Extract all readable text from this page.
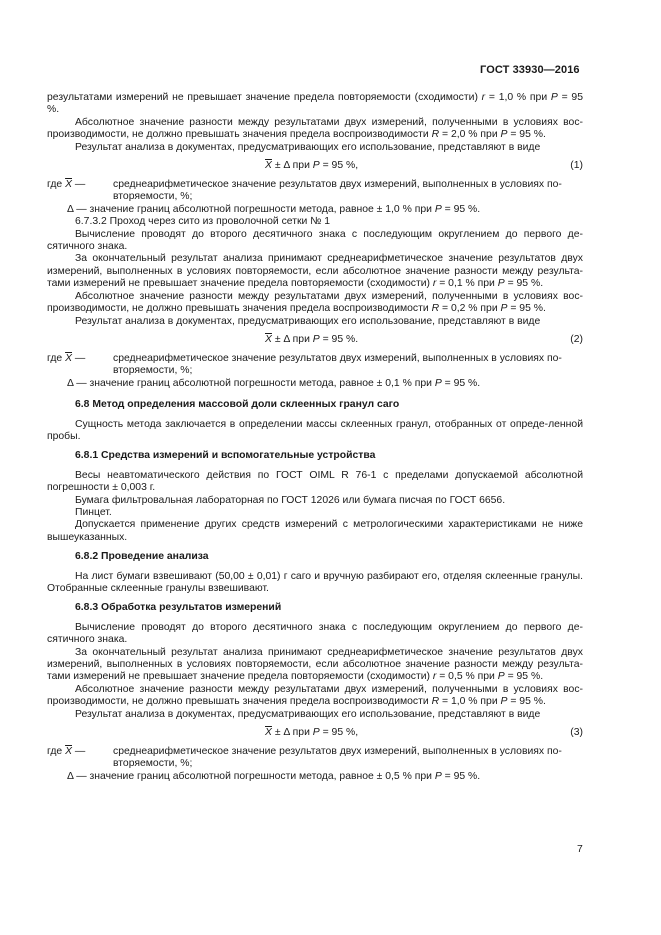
ГОСТ 33930—2016

результатами измерений не превышает значение предела повторяемости (сходимости) r = 1,0 % при P = 95 %.

Абсолютное значение разности между результатами двух измерений, полученными в условиях вос-производимости, не должно превышать значения предела воспроизводимости R = 2,0 % при P = 95 %.

Результат анализа в документах, предусматривающих его использование, представляют в виде

$\overline{X} \pm \Delta$ при P = 95 %,	(1)
где $\overline{X}$ —	среднеарифметическое значение результатов двух измерений, выполненных в условиях по-
вторяемости, %;
Δ — значение границ абсолютной погрешности метода, равное ± 1,0 % при P = 95 %.

6.7.3.2 Проход через сито из проволочной сетки № 1

Вычисление проводят до второго десятичного знака с последующим округлением до первого де-сятичного знака.

За окончательный результат анализа принимают среднеарифметическое значение результатов двух измерений, выполненных в условиях повторяемости, если абсолютное значение разности между результа-тами измерений не превышает значение предела повторяемости (сходимости) r = 0,1 % при P = 95 %.

Абсолютное значение разности между результатами двух измерений, полученными в условиях вос-производимости, не должно превышать значения предела воспроизводимости R = 0,2 % при P = 95 %.

Результат анализа в документах, предусматривающих его использование, представляют в виде

$\overline{X} \pm \Delta$ при P = 95 %.	(2)
где $\overline{X}$ —	среднеарифметическое значение результатов двух измерений, выполненных в условиях по-
вторяемости, %;
Δ — значение границ абсолютной погрешности метода, равное ± 0,1 % при P = 95 %.

6.8 Метод определения массовой доли склеенных гранул саго

Сущность метода заключается в определении массы склеенных гранул, отобранных от опреде-ленной пробы.

6.8.1 Средства измерений и вспомогательные устройства

Весы неавтоматического действия по ГОСТ OIML R 76-1 с пределами допускаемой абсолютной погрешности ± 0,003 г.

Бумага фильтровальная лабораторная по ГОСТ 12026 или бумага писчая по ГОСТ 6656.

Пинцет.

Допускается применение других средств измерений с метрологическими характеристиками не ниже вышеуказанных.

6.8.2 Проведение анализа

На лист бумаги взвешивают (50,00 ± 0,01) г саго и вручную разбирают его, отделяя склеенные гранулы. Отобранные склеенные гранулы взвешивают.

6.8.3 Обработка результатов измерений

Вычисление проводят до второго десятичного знака с последующим округлением до первого де-сятичного знака.

За окончательный результат анализа принимают среднеарифметическое значение результатов двух измерений, выполненных в условиях повторяемости, если абсолютное значение разности между результа-тами измерений не превышает значение предела повторяемости (сходимости) r = 0,5 % при P = 95 %.

Абсолютное значение разности между результатами двух измерений, полученными в условиях вос-производимости, не должно превышать значения предела воспроизводимости R = 1,0 % при P = 95 %.

Результат анализа в документах, предусматривающих его использование, представляют в виде

$\overline{X} \pm \Delta$ при P = 95 %,	(3)
где $\overline{X}$ —	среднеарифметическое значение результатов двух измерений, выполненных в условиях по-
вторяемости, %;
Δ — значение границ абсолютной погрешности метода, равное ± 0,5 % при P = 95 %.
7
